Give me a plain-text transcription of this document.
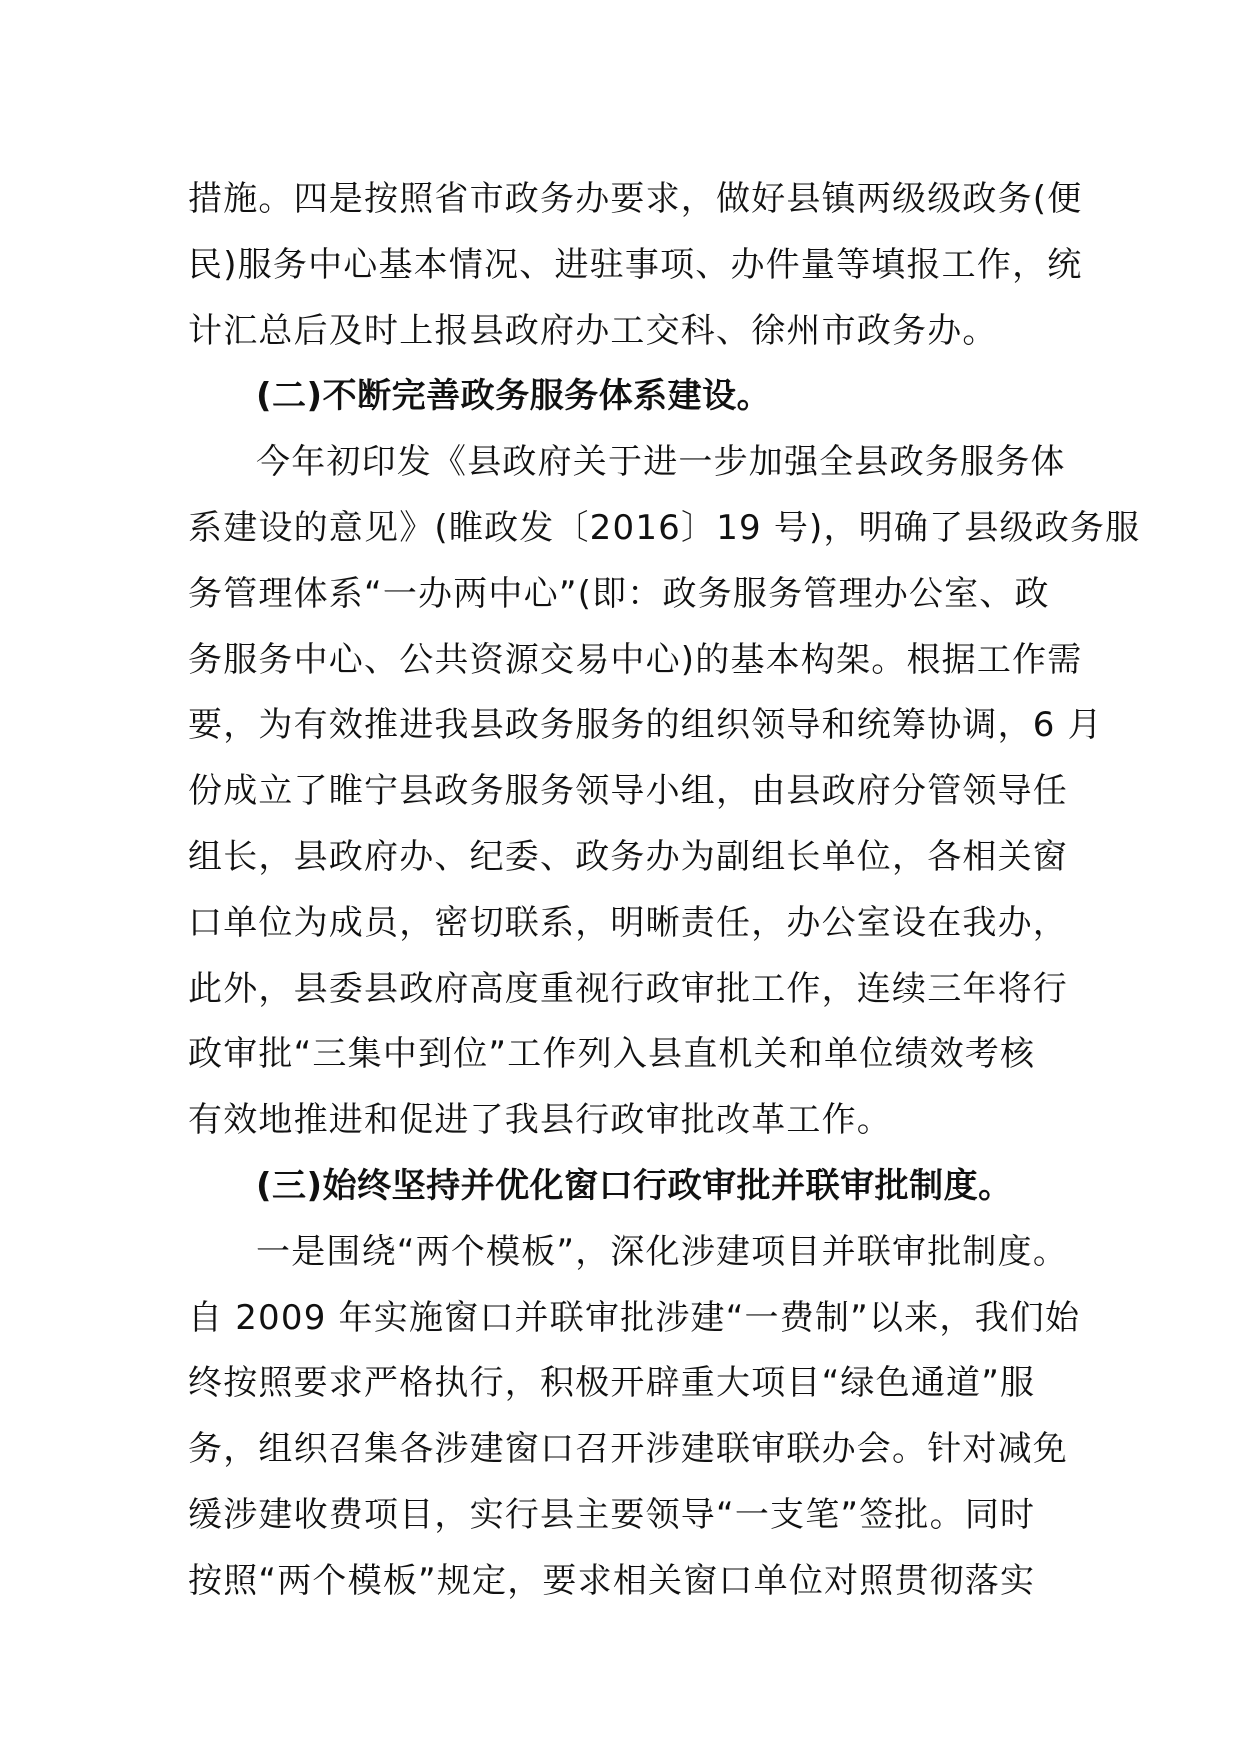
措施。四是按照省市政务办要求，做好县镇两级级政务(便
民)服务中心基本情况、进驻事项、办件量等填报工作，统
计汇总后及时上报县政府办工交科、徐州市政务办。
(二)不断完善政务服务体系建设。
今年初印发《县政府关于进一步加强全县政务服务体
系建设的意见》(睢政发〔2016〕19 号)，明确了县级政务服
务管理体系“一办两中心”(即：政务服务管理办公室、政
务服务中心、公共资源交易中心)的基本构架。根据工作需
要，为有效推进我县政务服务的组织领导和统筹协调，6 月
份成立了睢宁县政务服务领导小组，由县政府分管领导任
组长，县政府办、纪委、政务办为副组长单位，各相关窗
口单位为成员，密切联系，明晰责任，办公室设在我办，
此外，县委县政府高度重视行政审批工作，连续三年将行
政审批“三集中到位”工作列入县直机关和单位绩效考核
有效地推进和促进了我县行政审批改革工作。
(三)始终坚持并优化窗口行政审批并联审批制度。
一是围绕“两个模板”，深化涉建项目并联审批制度。
自 2009 年实施窗口并联审批涉建“一费制”以来，我们始
终按照要求严格执行，积极开辟重大项目“绿色通道”服
务，组织召集各涉建窗口召开涉建联审联办会。针对减免
缓涉建收费项目，实行县主要领导“一支笔”签批。同时
按照“两个模板”规定，要求相关窗口单位对照贯彻落实
